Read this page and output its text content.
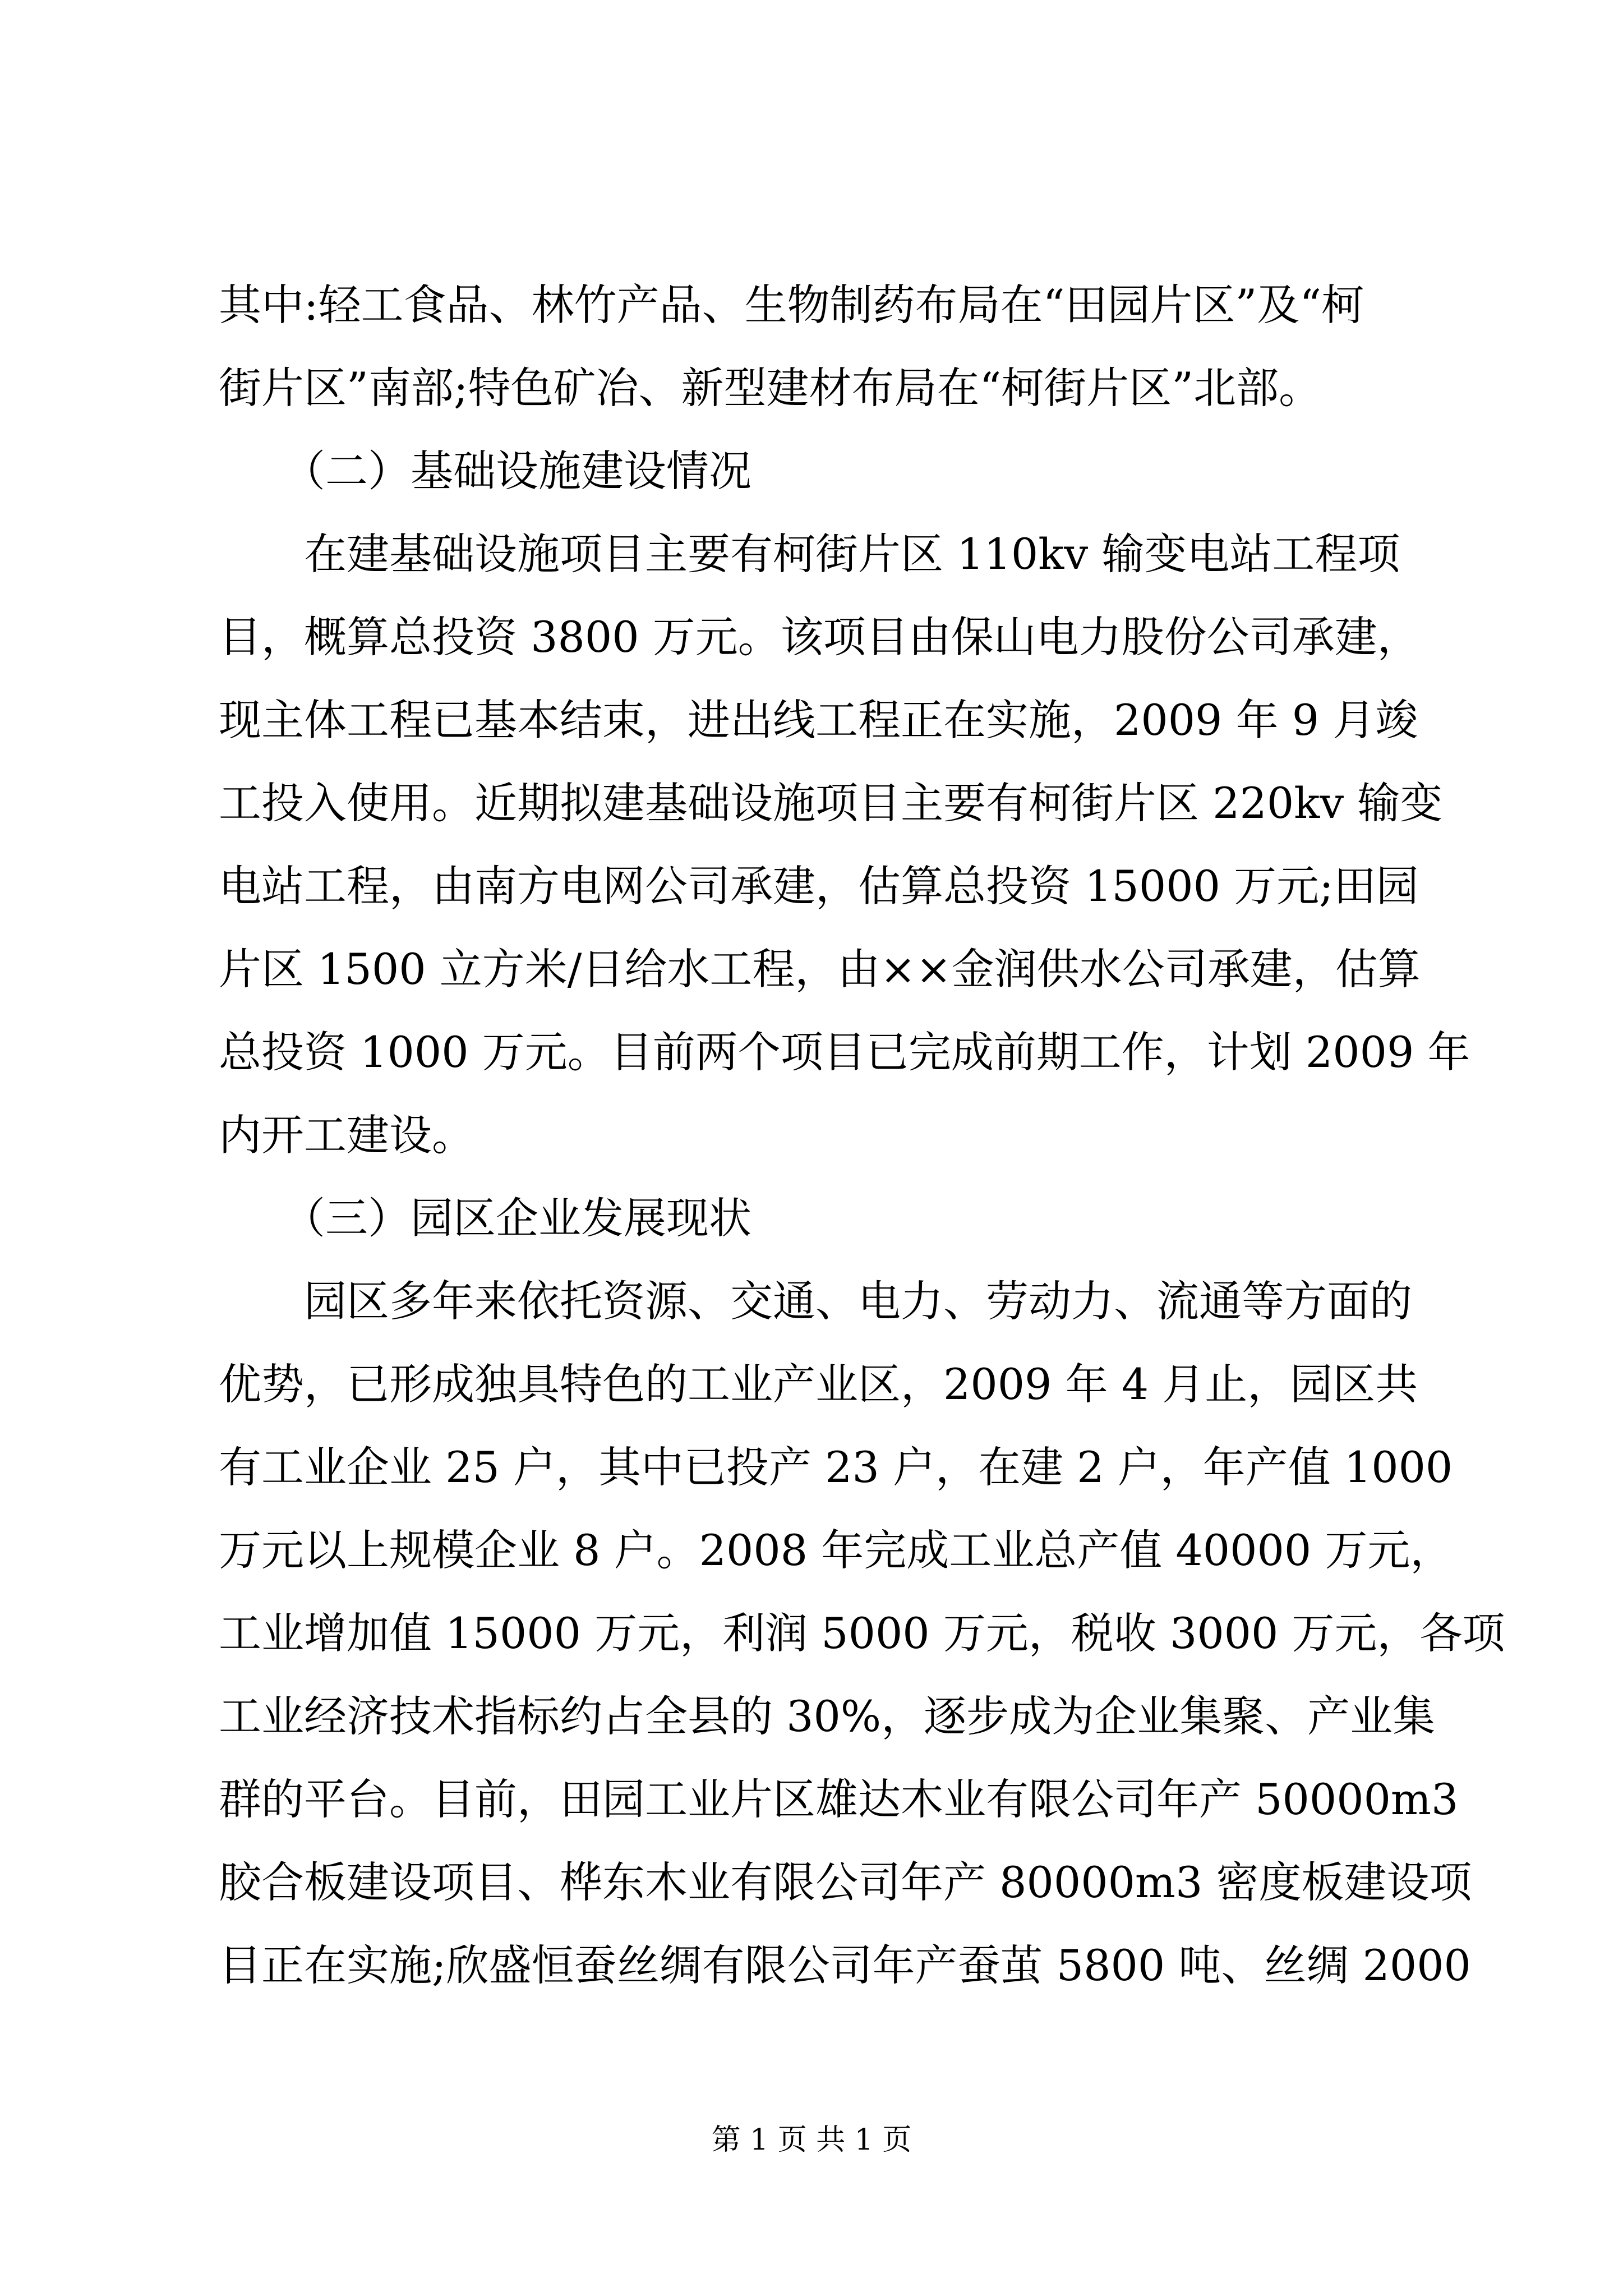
其中:轻工食品、林竹产品、生物制药布局在“田园片区”及“柯
街片区”南部;特色矿冶、新型建材布局在“柯街片区”北部。
　　（二）基础设施建设情况
　　在建基础设施项目主要有柯街片区 110kv 输变电站工程项
目，概算总投资 3800 万元。该项目由保山电力股份公司承建，
现主体工程已基本结束，进出线工程正在实施，2009 年 9 月竣
工投入使用。近期拟建基础设施项目主要有柯街片区 220kv 输变
电站工程，由南方电网公司承建，估算总投资 15000 万元;田园
片区 1500 立方米/日给水工程，由××金润供水公司承建，估算
总投资 1000 万元。目前两个项目已完成前期工作，计划 2009 年
内开工建设。
　　（三）园区企业发展现状
　　园区多年来依托资源、交通、电力、劳动力、流通等方面的
优势，已形成独具特色的工业产业区，2009 年 4 月止，园区共
有工业企业 25 户，其中已投产 23 户，在建 2 户，年产值 1000
万元以上规模企业 8 户。2008 年完成工业总产值 40000 万元，
工业增加值 15000 万元，利润 5000 万元，税收 3000 万元，各项
工业经济技术指标约占全县的 30%，逐步成为企业集聚、产业集
群的平台。目前，田园工业片区雄达木业有限公司年产 50000m3
胶合板建设项目、桦东木业有限公司年产 80000m3 密度板建设项
目正在实施;欣盛恒蚕丝绸有限公司年产蚕茧 5800 吨、丝绸 2000
第 1 页 共 1 页
